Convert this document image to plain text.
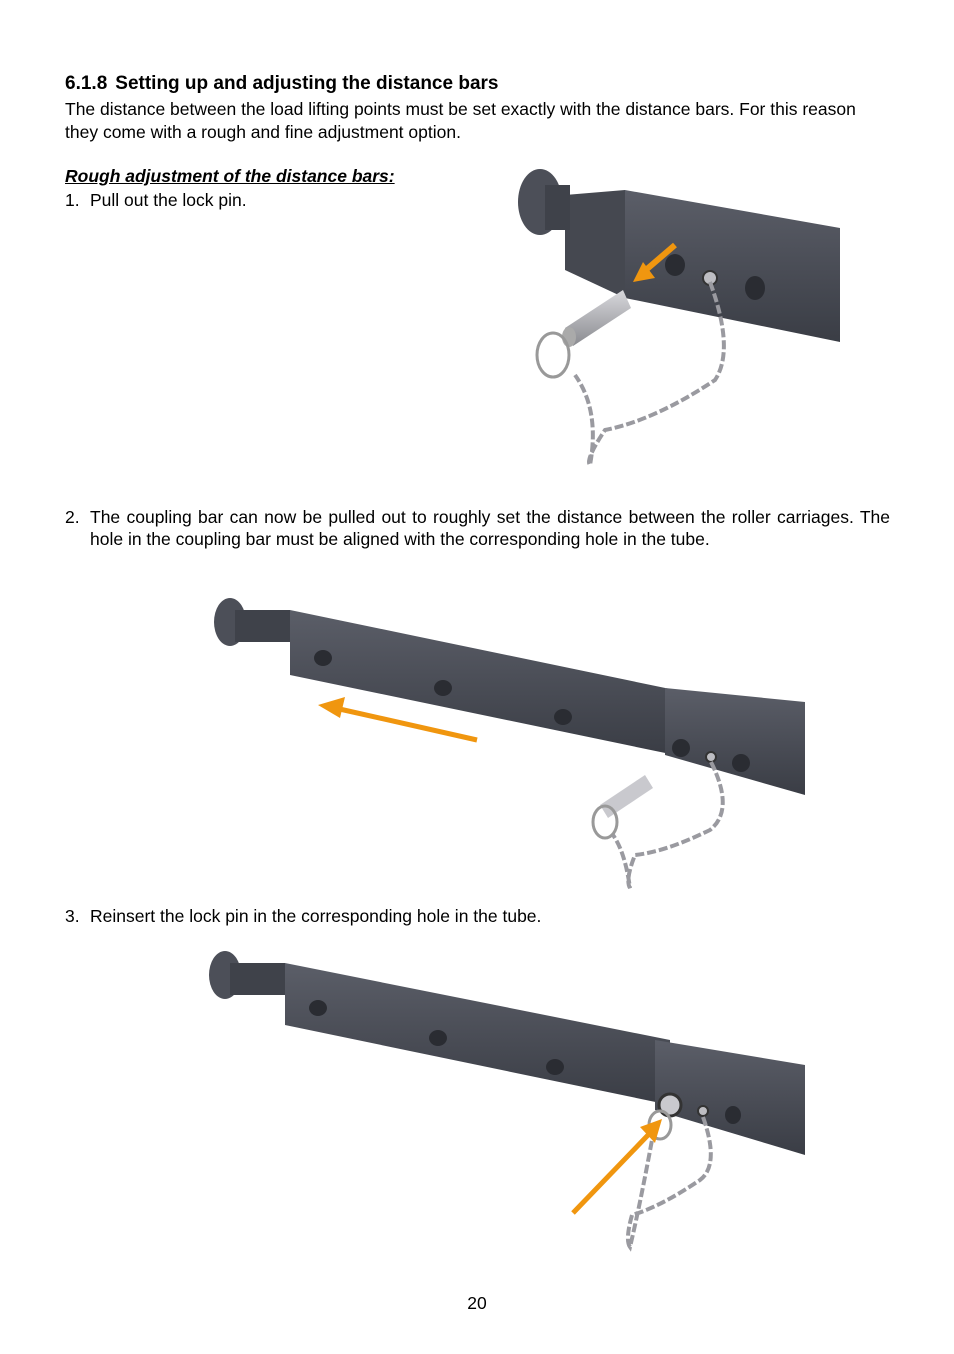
6.1.8 Setting up and adjusting the distance bars
The distance between the load lifting points must be set exactly with the distance bars. For this reason they come with a rough and fine adjustment option.
Rough adjustment of the distance bars:
1. Pull out the lock pin.
2. The coupling bar can now be pulled out to roughly set the distance between the roller carriages. The hole in the coupling bar must be aligned with the corresponding hole in the tube.
3. Reinsert the lock pin in the corresponding hole in the tube.
20
